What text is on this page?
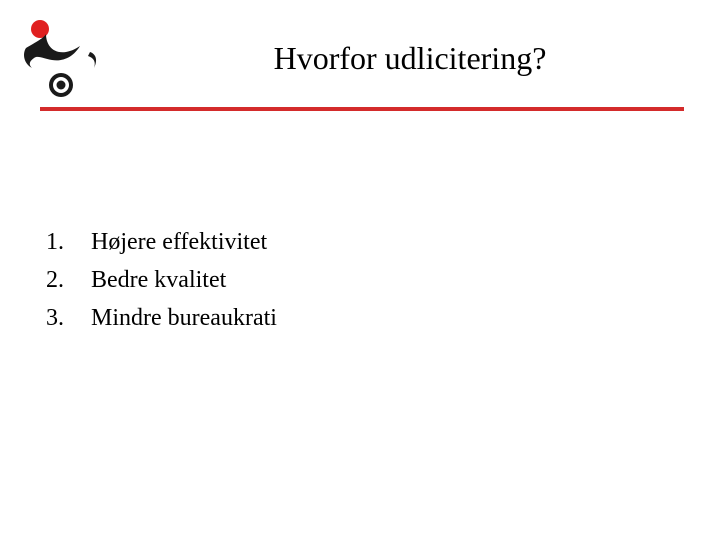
Hvorfor udlicitering?
1.	Højere effektivitet
2.	Bedre kvalitet
3.	Mindre bureaukrati
